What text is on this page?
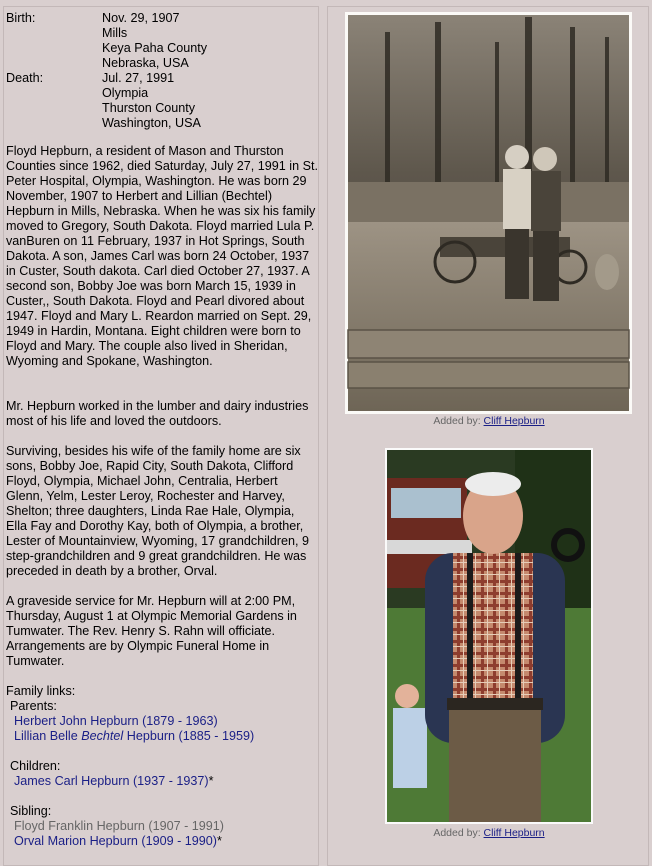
Birth:	Nov. 29, 1907
Mills
Keya Paha County
Nebraska, USA
Death:	Jul. 27, 1991
Olympia
Thurston County
Washington, USA
Floyd Hepburn, a resident of Mason and Thurston Counties since 1962, died Saturday, July 27, 1991 in St. Peter Hospital, Olympia, Washington. He was born 29 November, 1907 to Herbert and Lillian (Bechtel) Hepburn in Mills, Nebraska. When he was six his family moved to Gregory, South Dakota. Floyd married Lula P. vanBuren on 11 February, 1937 in Hot Springs, South Dakota. A son, James Carl was born 24 October, 1937 in Custer, South dakota. Carl died October 27, 1937. A second son, Bobby Joe was born March 15, 1939 in Custer,, South Dakota. Floyd and Pearl divored about 1947. Floyd and Mary L. Reardon married on Sept. 29, 1949 in Hardin, Montana. Eight children were born to Floyd and Mary. The couple also lived in Sheridan, Wyoming and Spokane, Washington.
Mr. Hepburn worked in the lumber and dairy industries most of his life and loved the outdoors.
Surviving, besides his wife of the family home are six sons, Bobby Joe, Rapid City, South Dakota, Clifford Floyd, Olympia, Michael John, Centralia, Herbert Glenn, Yelm, Lester Leroy, Rochester and Harvey, Shelton; three daughters, Linda Rae Hale, Olympia, Ella Fay and Dorothy Kay, both of Olympia, a brother, Lester of Mountainview, Wyoming, 17 grandchildren, 9 step-grandchildren and 9 great grandchildren. He was preceded in death by a brother, Orval.
A graveside service for Mr. Hepburn will at 2:00 PM, Thursday, August 1 at Olympic Memorial Gardens in Tumwater. The Rev. Henry S. Rahn will officiate. Arrangements are by Olympic Funeral Home in Tumwater.
Family links:
Parents:
Herbert John Hepburn (1879 - 1963)
Lillian Belle Bechtel Hepburn (1885 - 1959)
Children:
James Carl Hepburn (1937 - 1937)*
Sibling:
Floyd Franklin Hepburn (1907 - 1991)
Orval Marion Hepburn (1909 - 1990)*
Added by: Cliff Hepburn
Added by: Cliff Hepburn
